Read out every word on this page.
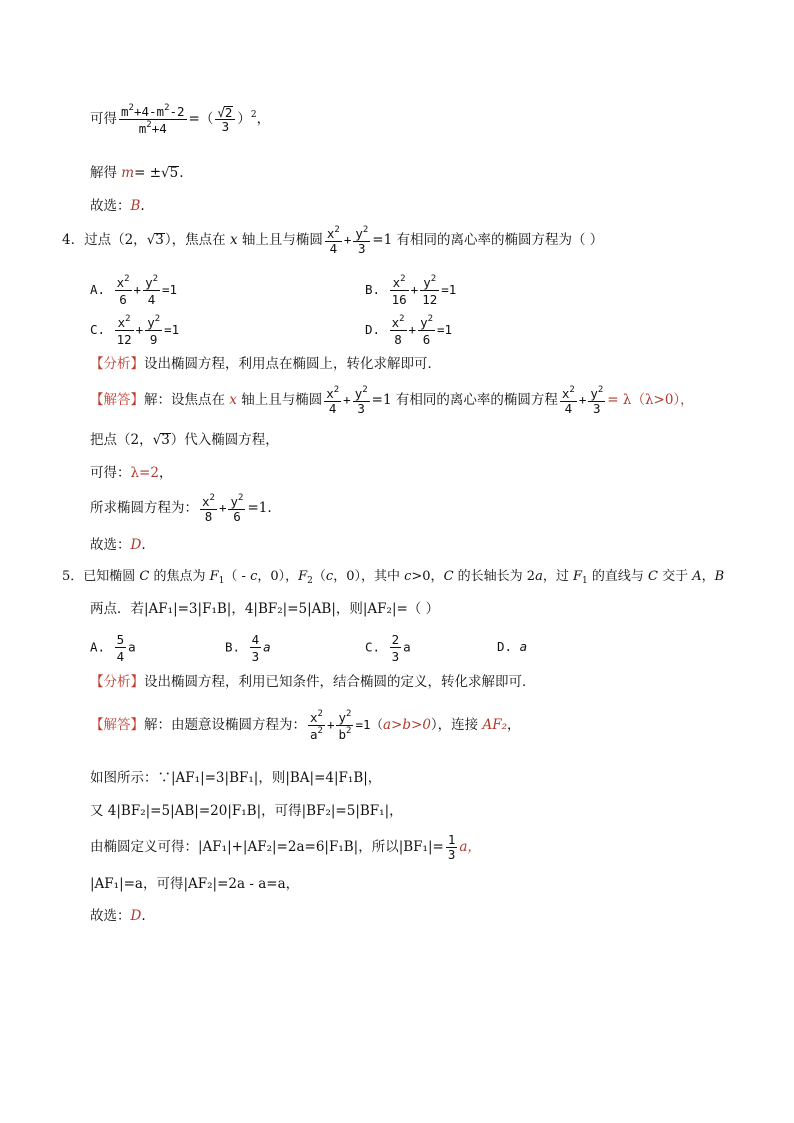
可得 $\frac{m^2+4-m^2-2}{m^2+4}$ =（ $\frac{√2}{3} )^2$，
解得 m= ±√5.
故选：B.
4．过点（2，√3），焦点在 x 轴上且与椭圆 $\frac{x^2}{4} + \frac{y^2}{3} =1$ 有相同的离心率的椭圆方程为（ ）
A. $\frac{x^2}{6} + \frac{y^2}{4} =1$	B. $\frac{x^2}{16} + \frac{y^2}{12} =1$
C. $\frac{x^2}{12} + \frac{y^2}{9} =1$	D. $\frac{x^2}{8} + \frac{y^2}{6} =1$
【分析】设出椭圆方程，利用点在椭圆上，转化求解即可．
【解答】解：设焦点在 x 轴上且与椭圆 $\frac{x^2}{4} + \frac{y^2}{3} =1$ 有相同的离心率的椭圆方程 $\frac{x^2}{4} + \frac{y^2}{3} = \lambda(\lambda>0)$，
把点（2，√3）代入椭圆方程，
可得：λ=2，
所求椭圆方程为： $\frac{x^2}{8} + \frac{y^2}{6} =1$.
故选：D.
5．已知椭圆 C 的焦点为 $F_1$（ - c，0），$F_2(c$，0），其中 c>0，C 的长轴长为 2a，过 $F_1$ 的直线与 C 交于 A，B
两点．若|AF₁|=3|F₁B|，4|BF₂|=5|AB|，则|AF₂|=（ ）
A. $\frac{5}{4}$ a	B. $\frac{4}{3}$ a	C. $\frac{2}{3}$ a	D. a
【分析】设出椭圆方程，利用已知条件，结合椭圆的定义，转化求解即可．
【解答】解：由题意设椭圆方程为： $\frac{x^2}{a^2} + \frac{y^2}{b^2} =1(a>b>0)$，连接 AF₂，
如图所示：∵|AF₁|=3|BF₁|，则|BA|=4|F₁B|，
又 4|BF₂|=5|AB|=20|F₁B|，可得|BF₂|=5|BF₁|，
由椭圆定义可得：|AF₁|+|AF₂|=2a=6|F₁B|，所以$|BF_1|= \frac{1}{3}$ a，
|AF₁|=a，可得|AF₂|=2a - a=a，
故选：D.
